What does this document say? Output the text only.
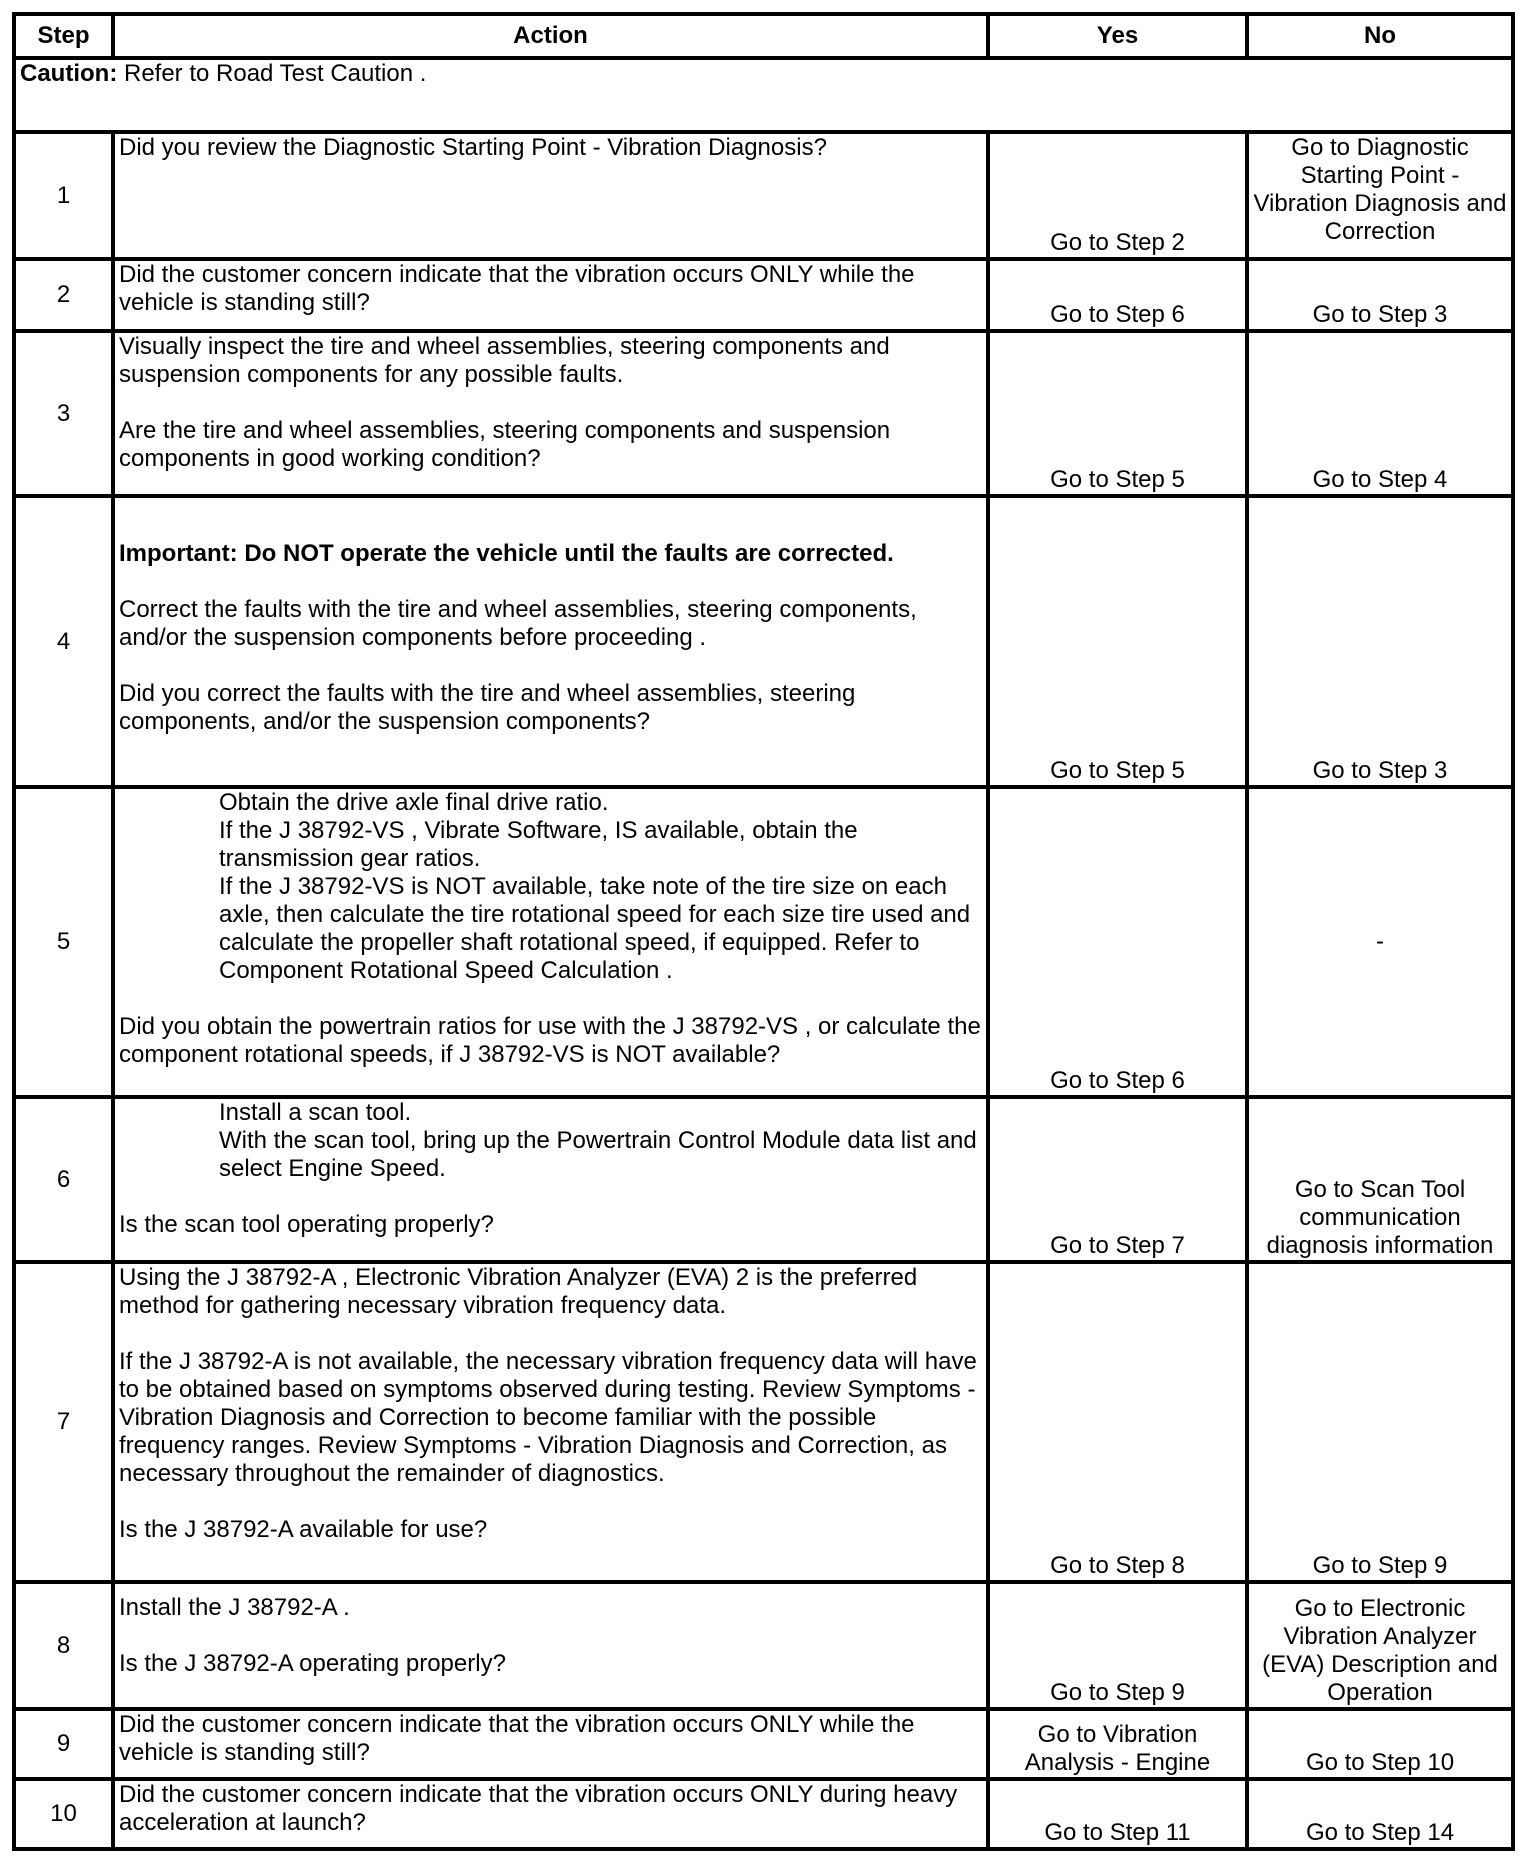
Step	Action	Yes	No
Caution: Refer to Road Test Caution .			
1	Did you review the Diagnostic Starting Point - Vibration Diagnosis?	Go to Step 2	Go to Diagnostic Starting Point - Vibration Diagnosis and Correction
2	Did the customer concern indicate that the vibration occurs ONLY while the vehicle is standing still?	Go to Step 6	Go to Step 3
3	Visually inspect the tire and wheel assemblies, steering components and suspension components for any possible faults.
Are the tire and wheel assemblies, steering components and suspension components in good working condition?	Go to Step 5	Go to Step 4
4	Important: Do NOT operate the vehicle until the faults are corrected.
Correct the faults with the tire and wheel assemblies, steering components, and/or the suspension components before proceeding .
Did you correct the faults with the tire and wheel assemblies, steering components, and/or the suspension components?	Go to Step 5	Go to Step 3
5	Obtain the drive axle final drive ratio.
If the J 38792-VS , Vibrate Software, IS available, obtain the transmission gear ratios.
If the J 38792-VS is NOT available, take note of the tire size on each axle, then calculate the tire rotational speed for each size tire used and calculate the propeller shaft rotational speed, if equipped. Refer to Component Rotational Speed Calculation .
Did you obtain the powertrain ratios for use with the J 38792-VS , or calculate the component rotational speeds, if J 38792-VS is NOT available?	Go to Step 6	-
6	Install a scan tool.
With the scan tool, bring up the Powertrain Control Module data list and select Engine Speed.
Is the scan tool operating properly?	Go to Step 7	Go to Scan Tool communication diagnosis information
7	Using the J 38792-A , Electronic Vibration Analyzer (EVA) 2 is the preferred method for gathering necessary vibration frequency data.
If the J 38792-A is not available, the necessary vibration frequency data will have to be obtained based on symptoms observed during testing. Review Symptoms - Vibration Diagnosis and Correction to become familiar with the possible frequency ranges. Review Symptoms - Vibration Diagnosis and Correction, as necessary throughout the remainder of diagnostics.
Is the J 38792-A available for use?	Go to Step 8	Go to Step 9
8	Install the J 38792-A .
Is the J 38792-A operating properly?	Go to Step 9	Go to Electronic Vibration Analyzer (EVA) Description and Operation
9	Did the customer concern indicate that the vibration occurs ONLY while the vehicle is standing still?	Go to Vibration Analysis - Engine	Go to Step 10
10	Did the customer concern indicate that the vibration occurs ONLY during heavy acceleration at launch?	Go to Step 11	Go to Step 14
